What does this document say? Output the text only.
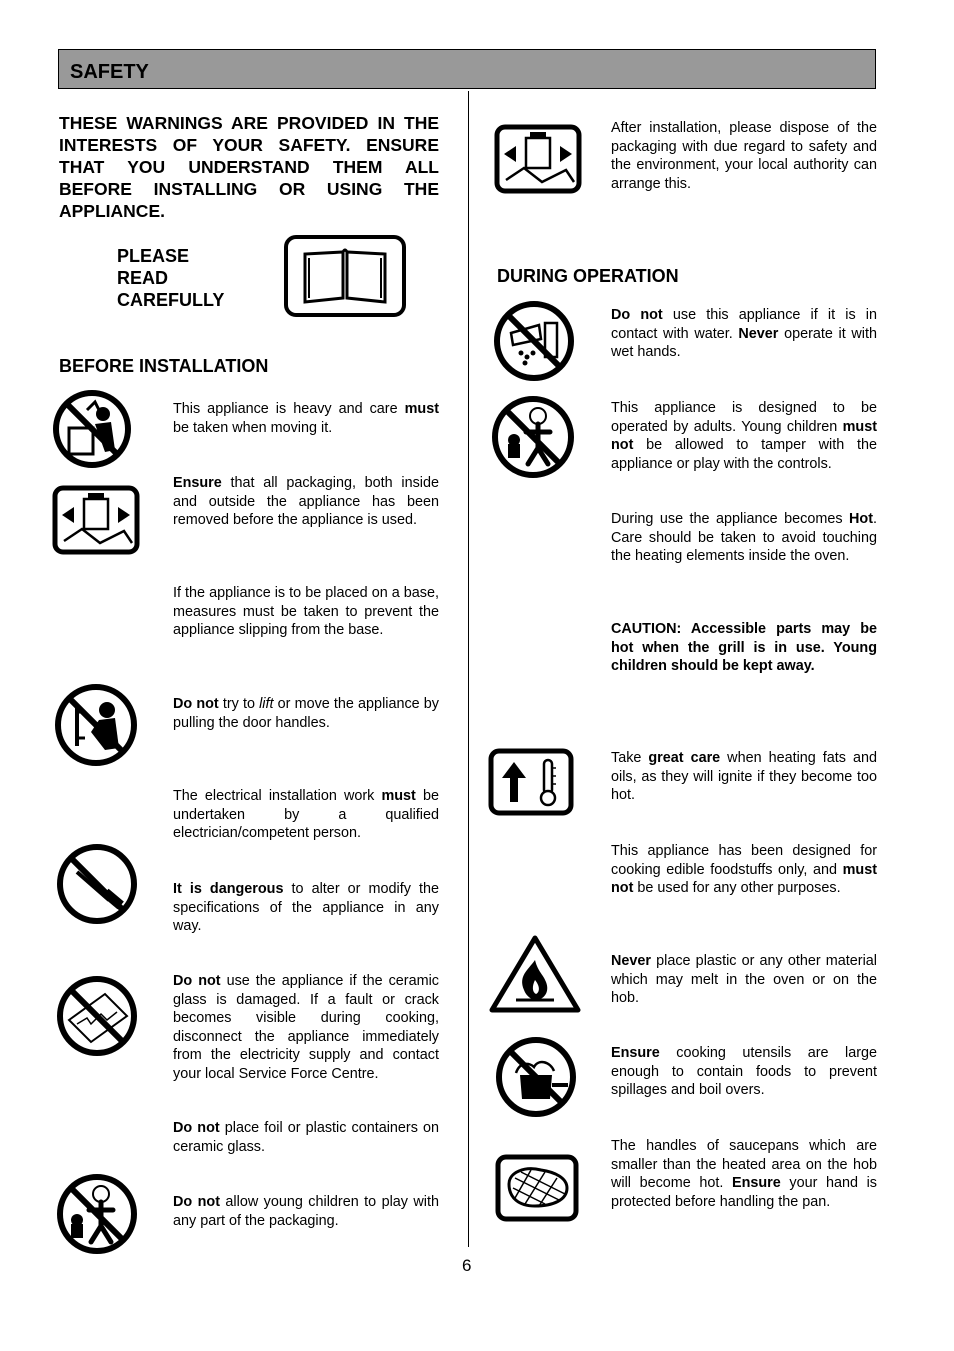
SAFETY
THESE WARNINGS ARE PROVIDED IN THE INTERESTS OF YOUR SAFETY. ENSURE THAT YOU UNDERSTAND THEM ALL BEFORE INSTALLING OR USING THE APPLIANCE.
PLEASE
READ
CAREFULLY
BEFORE INSTALLATION
This appliance is heavy and care must be taken when moving it.
Ensure that all packaging, both inside and outside the appliance has been removed before the appliance is used.
If the appliance is to be placed on a base, measures must be taken to prevent the appliance slipping from the base.
Do not try to lift or move the appliance by pulling the door handles.
The electrical installation work must be undertaken by a qualified electrician/competent person.
It is dangerous to alter or modify the specifications of the appliance in any way.
Do not use the appliance if the ceramic glass is damaged. If a fault or crack becomes visible during cooking, disconnect the appliance immediately from the electricity supply and contact your local Service Force Centre.
Do not place foil or plastic containers on ceramic glass.
Do not allow young children to play with any part of the packaging.
After installation, please dispose of the packaging with due regard to safety and the environment, your local authority can arrange this.
DURING OPERATION
Do not use this appliance if it is in contact with water. Never operate it with wet hands.
This appliance is designed to be operated by adults. Young children must not be allowed to tamper with the appliance or play with the controls.
During use the appliance becomes Hot. Care should be taken to avoid touching the heating elements inside the oven.
CAUTION: Accessible parts may be hot when the grill is in use. Young children should be kept away.
Take great care when heating fats and oils, as they will ignite if they become too hot.
This appliance has been designed for cooking edible foodstuffs only, and must not be used for any other purposes.
Never place plastic or any other material which may melt in the oven or on the hob.
Ensure cooking utensils are large enough to contain foods to prevent spillages and boil overs.
The handles of saucepans which are smaller than the heated area on the hob will become hot. Ensure your hand is protected before handling the pan.
6
